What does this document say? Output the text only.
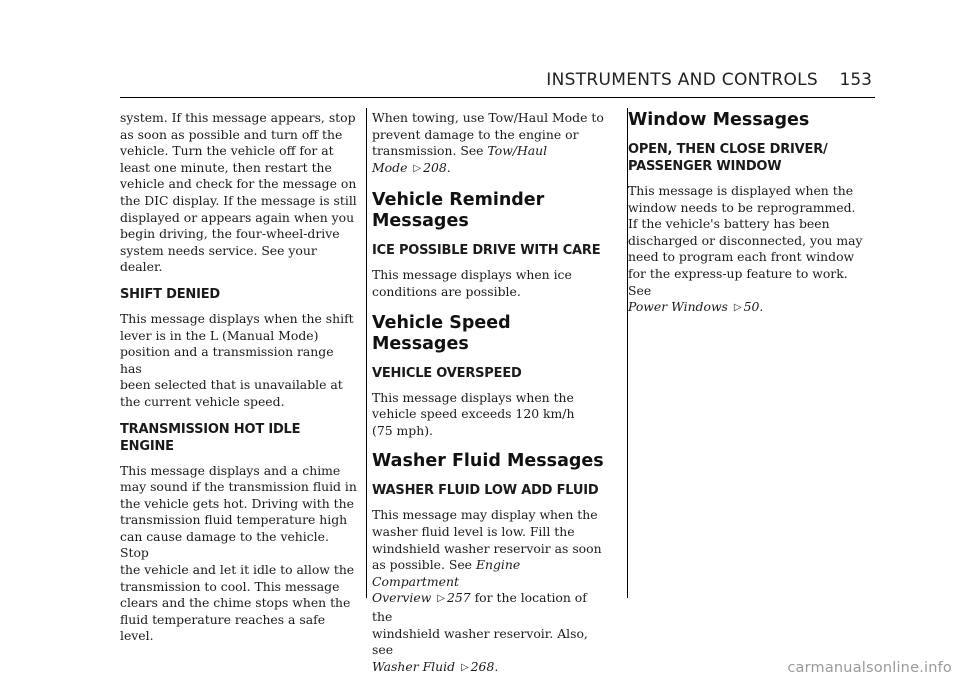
INSTRUMENTS AND CONTROLS 153

system. If this message appears, stop
as soon as possible and turn off the
vehicle. Turn the vehicle off for at
least one minute, then restart the
vehicle and check for the message on
the DIC display. If the message is still
displayed or appears again when you
begin driving, the four-wheel-drive
system needs service. See your dealer.

SHIFT DENIED

This message displays when the shift
lever is in the L (Manual Mode)
position and a transmission range has
been selected that is unavailable at
the current vehicle speed.

TRANSMISSION HOT IDLE ENGINE

This message displays and a chime
may sound if the transmission fluid in
the vehicle gets hot. Driving with the
transmission fluid temperature high
can cause damage to the vehicle. Stop
the vehicle and let it idle to allow the
transmission to cool. This message
clears and the chime stops when the
fluid temperature reaches a safe level.

When towing, use Tow/Haul Mode to
prevent damage to the engine or
transmission. See Tow/Haul
Mode ▷ 208.

Vehicle Reminder
Messages
ICE POSSIBLE DRIVE WITH CARE

This message displays when ice
conditions are possible.

Vehicle Speed Messages
VEHICLE OVERSPEED

This message displays when the
vehicle speed exceeds 120 km/h
(75 mph).

Washer Fluid Messages
WASHER FLUID LOW ADD FLUID

This message may display when the
washer fluid level is low. Fill the
windshield washer reservoir as soon
as possible. See Engine Compartment
Overview ▷ 257 for the location of the
windshield washer reservoir. Also, see
Washer Fluid ▷ 268.

Window Messages
OPEN, THEN CLOSE DRIVER/
PASSENGER WINDOW

This message is displayed when the
window needs to be reprogrammed.
If the vehicle's battery has been
discharged or disconnected, you may
need to program each front window
for the express-up feature to work. See
Power Windows ▷ 50.

carmanualsonline.info
